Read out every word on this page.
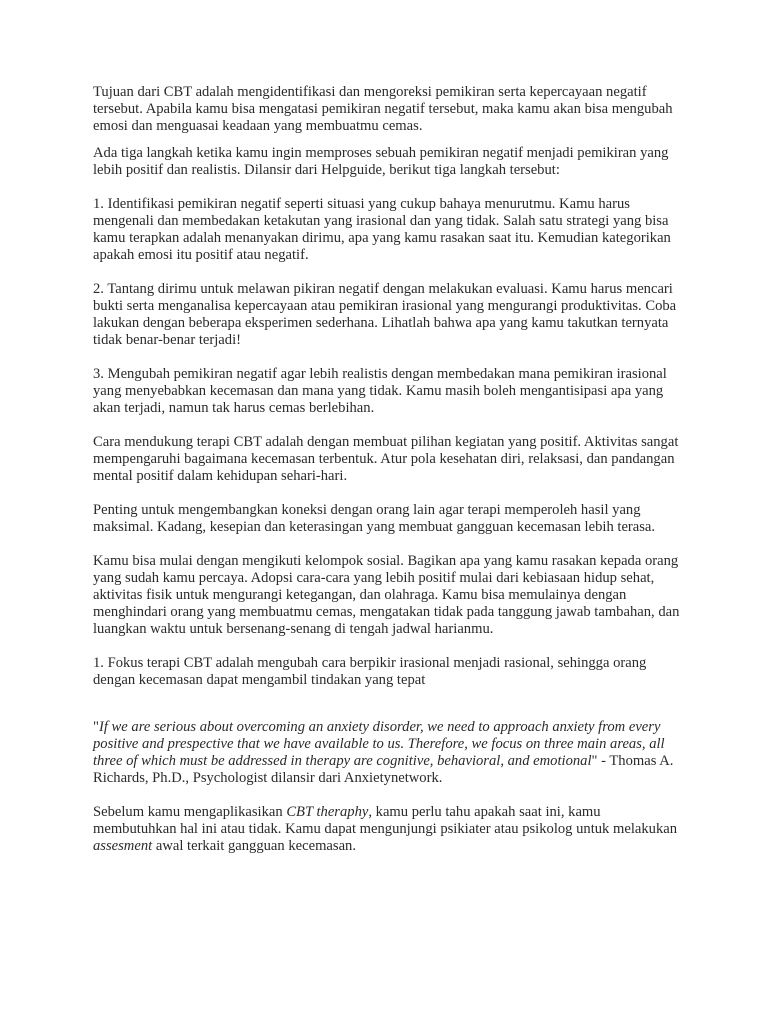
Tujuan dari CBT adalah mengidentifikasi dan mengoreksi pemikiran serta kepercayaan negatif tersebut. Apabila kamu bisa mengatasi pemikiran negatif tersebut, maka kamu akan bisa mengubah emosi dan menguasai keadaan yang membuatmu cemas.

Ada tiga langkah ketika kamu ingin memproses sebuah pemikiran negatif menjadi pemikiran yang lebih positif dan realistis. Dilansir dari Helpguide, berikut tiga langkah tersebut:

1. Identifikasi pemikiran negatif seperti situasi yang cukup bahaya menurutmu. Kamu harus mengenali dan membedakan ketakutan yang irasional dan yang tidak. Salah satu strategi yang bisa kamu terapkan adalah menanyakan dirimu, apa yang kamu rasakan saat itu. Kemudian kategorikan apakah emosi itu positif atau negatif.

2. Tantang dirimu untuk melawan pikiran negatif dengan melakukan evaluasi. Kamu harus mencari bukti serta menganalisa kepercayaan atau pemikiran irasional yang mengurangi produktivitas. Coba lakukan dengan beberapa eksperimen sederhana. Lihatlah bahwa apa yang kamu takutkan ternyata tidak benar-benar terjadi!

3. Mengubah pemikiran negatif agar lebih realistis dengan membedakan mana pemikiran irasional yang menyebabkan kecemasan dan mana yang tidak. Kamu masih boleh mengantisipasi apa yang akan terjadi, namun tak harus cemas berlebihan.

Cara mendukung terapi CBT adalah dengan membuat pilihan kegiatan yang positif. Aktivitas sangat mempengaruhi bagaimana kecemasan terbentuk. Atur pola kesehatan diri, relaksasi, dan pandangan mental positif dalam kehidupan sehari-hari.

Penting untuk mengembangkan koneksi dengan orang lain agar terapi memperoleh hasil yang maksimal. Kadang, kesepian dan keterasingan yang membuat gangguan kecemasan lebih terasa.

Kamu bisa mulai dengan mengikuti kelompok sosial. Bagikan apa yang kamu rasakan kepada orang yang sudah kamu percaya. Adopsi cara-cara yang lebih positif mulai dari kebiasaan hidup sehat, aktivitas fisik untuk mengurangi ketegangan, dan olahraga. Kamu bisa memulainya dengan menghindari orang yang membuatmu cemas, mengatakan tidak pada tanggung jawab tambahan, dan luangkan waktu untuk bersenang-senang di tengah jadwal harianmu.

1. Fokus terapi CBT adalah mengubah cara berpikir irasional menjadi rasional, sehingga orang dengan kecemasan dapat mengambil tindakan yang tepat

"If we are serious about overcoming an anxiety disorder, we need to approach anxiety from every positive and prespective that we have available to us. Therefore, we focus on three main areas, all three of which must be addressed in therapy are cognitive, behavioral, and emotional" - Thomas A. Richards, Ph.D., Psychologist dilansir dari Anxietynetwork.

Sebelum kamu mengaplikasikan CBT theraphy, kamu perlu tahu apakah saat ini, kamu membutuhkan hal ini atau tidak. Kamu dapat mengunjungi psikiater atau psikolog untuk melakukan assesment awal terkait gangguan kecemasan.
